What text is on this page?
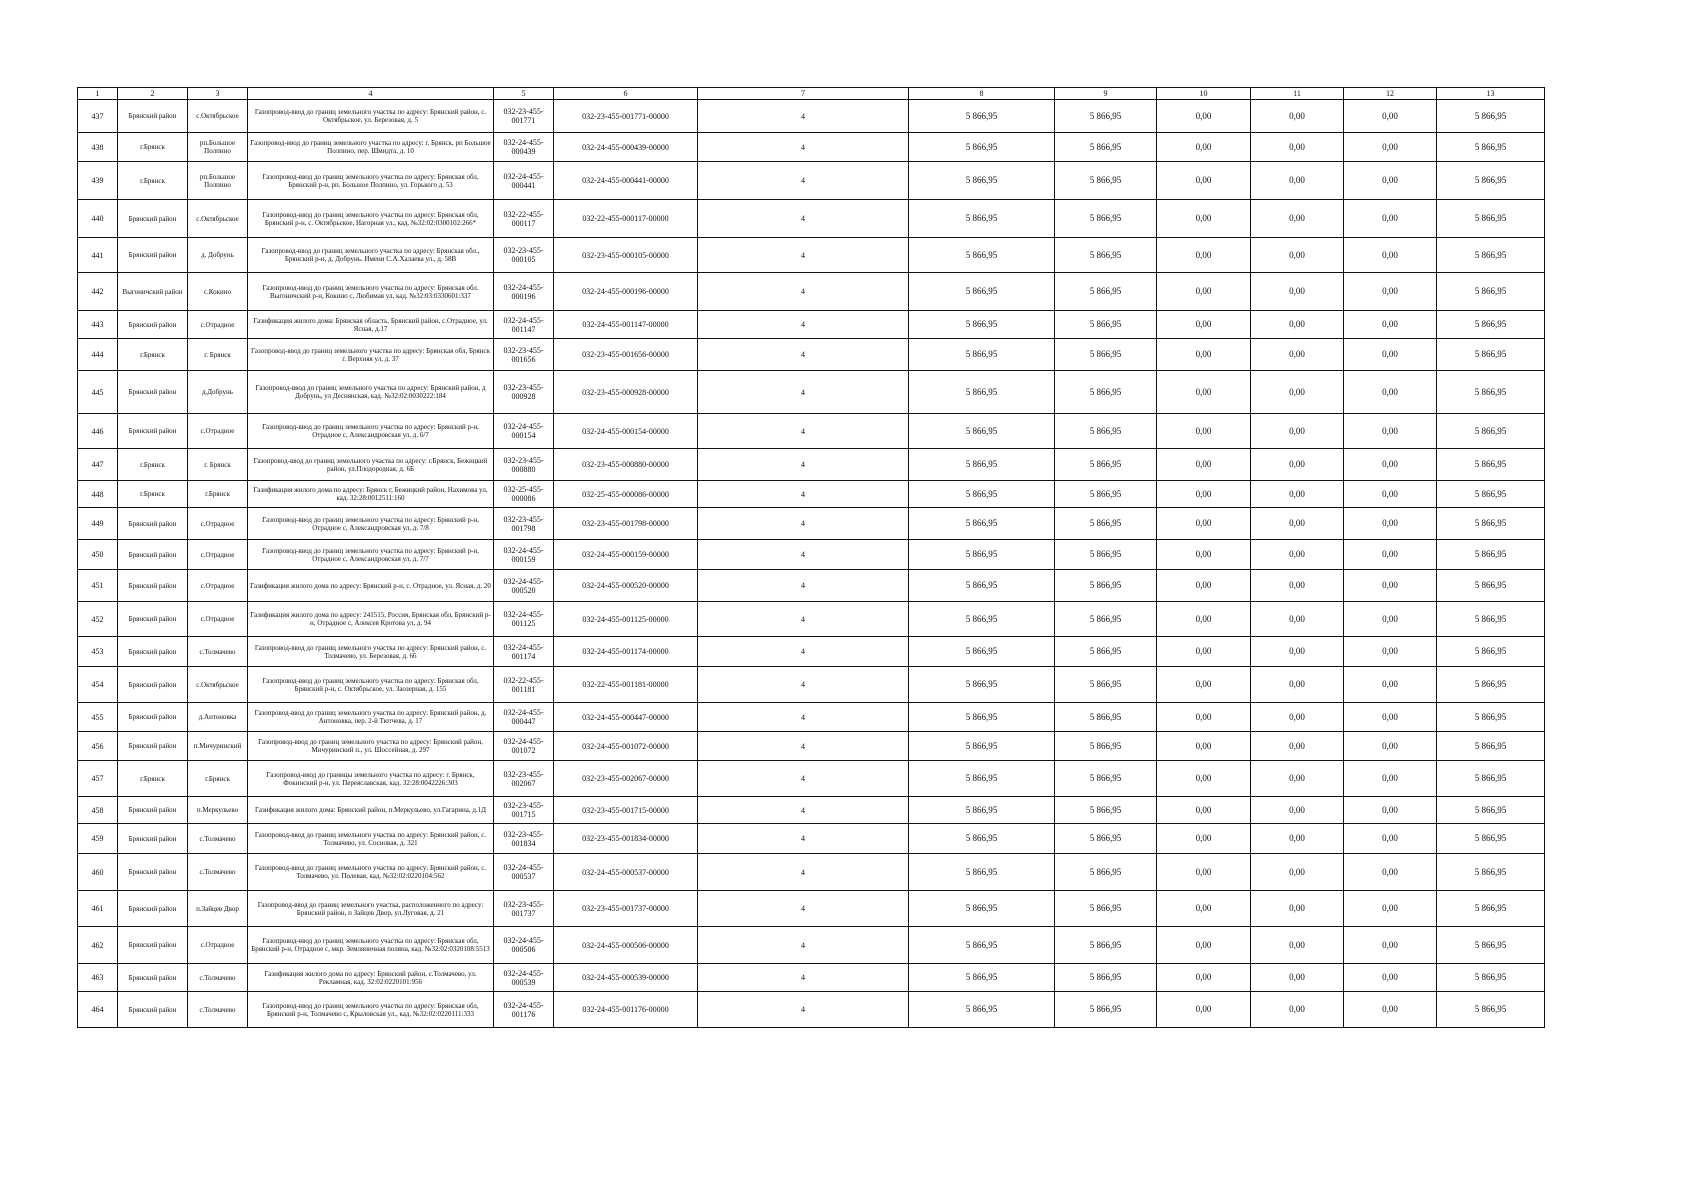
1	2	3	4	5	6	7	8	9	10	11	12	13
437	Брянский район	с.Октябрьское	Газопровод-ввод до границ земельного участка по адресу: Брянский район, с. Октябрьское, ул. Березовая, д. 5	032-23-455-001771	032-23-455-001771-00000	4	5 866,95	5 866,95	0,00	0,00	0,00	5 866,95
438	г.Брянск	рп.Большое Полпино	Газопровод-ввод до границ земельного участка по адресу: г. Брянск, рп Большое Полпино, пер. Шмидта, д. 10	032-24-455-000439	032-24-455-000439-00000	4	5 866,95	5 866,95	0,00	0,00	0,00	5 866,95
439	г.Брянск	рп.Большое Полпино	Газопровод-ввод до границ земельного участка по адресу: Брянская обл, Брянский р-н, рп. Большое Полпино, ул. Горького д. 53	032-24-455-000441	032-24-455-000441-00000	4	5 866,95	5 866,95	0,00	0,00	0,00	5 866,95
440	Брянский район	с.Октябрьское	Газопровод-ввод до границ земельного участка по адресу: Брянская обл, Брянский р-н, с. Октябрьское, Нагорная ул., кад. №32:02:0300102:266*	032-22-455-000117	032-22-455-000117-00000	4	5 866,95	5 866,95	0,00	0,00	0,00	5 866,95
441	Брянский район	д. Добрунь	Газопровод-ввод до границ земельного участка по адресу: Брянская обл., Брянский р-н, д. Добрунь. Имени С.А.Халаева ул., д. 58В	032-23-455-000105	032-23-455-000105-00000	4	5 866,95	5 866,95	0,00	0,00	0,00	5 866,95
442	Выгоничский район	с.Кокино	Газопровод-ввод до границ земельного участка по адресу: Брянская обл. Выгоничский р-н, Кокино с, Любимая ул, кад. №32:03:0330601:337	032-24-455-000196	032-24-455-000196-00000	4	5 866,95	5 866,95	0,00	0,00	0,00	5 866,95
443	Брянский район	с.Отрадное	Газификация жилого дома: Брянская область, Брянский район, с.Отрадное, ул. Ясная, д.17	032-24-455-001147	032-24-455-001147-00000	4	5 866,95	5 866,95	0,00	0,00	0,00	5 866,95
444	г.Брянск	г. Брянск	Газопровод-ввод до границ земельного участка по адресу: Брянская обл, Брянск г. Верхняя ул, д. 37	032-23-455-001656	032-23-455-001656-00000	4	5 866,95	5 866,95	0,00	0,00	0,00	5 866,95
445	Брянский район	д.Добрунь	Газопровод-ввод до границ земельного участка по адресу: Брянский район, д Добрунь, ул Деснянская, кад. №32:02:0030222:184	032-23-455-000928	032-23-455-000928-00000	4	5 866,95	5 866,95	0,00	0,00	0,00	5 866,95
446	Брянский район	с.Отрадное	Газопровод-ввод до границ земельного участка по адресу: Брянский р-н, Отрадное с, Александровская ул, д. 6/7	032-24-455-000154	032-24-455-000154-00000	4	5 866,95	5 866,95	0,00	0,00	0,00	5 866,95
447	г.Брянск	г. Брянск	Газопровод-ввод до границ земельного участка по адресу: г.Брянск, Бежицкий район, ул.Плодородная, д. 6Б	032-23-455-000880	032-23-455-000880-00000	4	5 866,95	5 866,95	0,00	0,00	0,00	5 866,95
448	г.Брянск	г.Брянск	Газификация жилого дома по адресу: Брянск г, Бежицкий район, Нахимова ул, кад. 32:28:0012511:160	032-25-455-000086	032-25-455-000086-00000	4	5 866,95	5 866,95	0,00	0,00	0,00	5 866,95
449	Брянский район	с.Отрадное	Газопровод-ввод до границ земельного участка по адресу: Брянский р-н, Отрадное с, Александровская ул, д. 7/8	032-23-455-001798	032-23-455-001798-00000	4	5 866,95	5 866,95	0,00	0,00	0,00	5 866,95
450	Брянский район	с.Отрадное	Газопровод-ввод до границ земельного участка по адресу: Брянский р-н, Отрадное с, Александровская ул, д. 7/7	032-24-455-000159	032-24-455-000159-00000	4	5 866,95	5 866,95	0,00	0,00	0,00	5 866,95
451	Брянский район	с.Отрадное	Газификация жилого дома по адресу: Брянский р-н, с. Отрадное, ул. Ясная, д. 20	032-24-455-000520	032-24-455-000520-00000	4	5 866,95	5 866,95	0,00	0,00	0,00	5 866,95
452	Брянский район	с.Отрадное	Газификация жилого дома по адресу: 241515, Россия, Брянская обл, Брянский р-н, Отрадное с, Алексея Кротова ул, д. 94	032-24-455-001125	032-24-455-001125-00000	4	5 866,95	5 866,95	0,00	0,00	0,00	5 866,95
453	Брянский район	с.Толмачево	Газопровод-ввод до границ земельного участка по адресу: Брянский район, с. Толмачево, ул. Березовая, д. 66	032-24-455-001174	032-24-455-001174-00000	4	5 866,95	5 866,95	0,00	0,00	0,00	5 866,95
454	Брянский район	с.Октябрьское	Газопровод-ввод до границ земельного участка по адресу: Брянская обл, Брянский р-н, с. Октябрьское, ул. Заозерная, д. 155	032-22-455-001181	032-22-455-001181-00000	4	5 866,95	5 866,95	0,00	0,00	0,00	5 866,95
455	Брянский район	д.Антоновка	Газопровод-ввод до границ земельного участка по адресу: Брянский район, д. Антоновка, пер. 2-й Тютчева, д. 17	032-24-455-000447	032-24-455-000447-00000	4	5 866,95	5 866,95	0,00	0,00	0,00	5 866,95
456	Брянский район	п.Мичуринский	Газопровод-ввод до границ земельного участка по адресу: Брянский район, Мичуринский п., ул. Шоссейная, д. 297	032-24-455-001072	032-24-455-001072-00000	4	5 866,95	5 866,95	0,00	0,00	0,00	5 866,95
457	г.Брянск	г.Брянск	Газопровод-ввод до границы земельного участка по адресу: г. Брянск, Фокинский р-н, ул. Переяславская, кад. 32:28:0042226:303	032-23-455-002067	032-23-455-002067-00000	4	5 866,95	5 866,95	0,00	0,00	0,00	5 866,95
458	Брянский район	п.Меркульево	Газификация жилого дома: Брянский район, п.Меркульево, ул.Гагарина, д.1Д	032-23-455-001715	032-23-455-001715-00000	4	5 866,95	5 866,95	0,00	0,00	0,00	5 866,95
459	Брянский район	с.Толмачево	Газопровод-ввод до границ земельного участка по адресу: Брянский район, с. Толмачево, ул. Сосновая, д. 321	032-23-455-001834	032-23-455-001834-00000	4	5 866,95	5 866,95	0,00	0,00	0,00	5 866,95
460	Брянский район	с.Толмачево	Газопровод-ввод до границ земельного участка по адресу: Брянский район, с. Толмачево, ул. Полевая, кад. №32:02:0220104:562	032-24-455-000537	032-24-455-000537-00000	4	5 866,95	5 866,95	0,00	0,00	0,00	5 866,95
461	Брянский район	п.Зайцев Двор	Газопровод-ввод до границ земельного участка, расположенного по адресу: Брянский район, п Зайцев Двор, ул.Луговая, д. 21	032-23-455-001737	032-23-455-001737-00000	4	5 866,95	5 866,95	0,00	0,00	0,00	5 866,95
462	Брянский район	с.Отрадное	Газопровод-ввод до границ земельного участка по адресу: Брянская обл, Брянский р-н, Отрадное с, мкр. Земляничная поляна, кад. №32:02:0320108:5513	032-24-455-000506	032-24-455-000506-00000	4	5 866,95	5 866,95	0,00	0,00	0,00	5 866,95
463	Брянский район	с.Толмачево	Газификация жилого дома по адресу: Брянский район, с.Толмачево, ул. Рекламная, кад. 32:02:0220101:956	032-24-455-000539	032-24-455-000539-00000	4	5 866,95	5 866,95	0,00	0,00	0,00	5 866,95
464	Брянский район	с.Толмачево	Газопровод-ввод до границ земельного участка по адресу: Брянская обл, Брянский р-н, Толмачево с, Крыловская ул., кад. №32:02:0220111:333	032-24-455-001176	032-24-455-001176-00000	4	5 866,95	5 866,95	0,00	0,00	0,00	5 866,95
